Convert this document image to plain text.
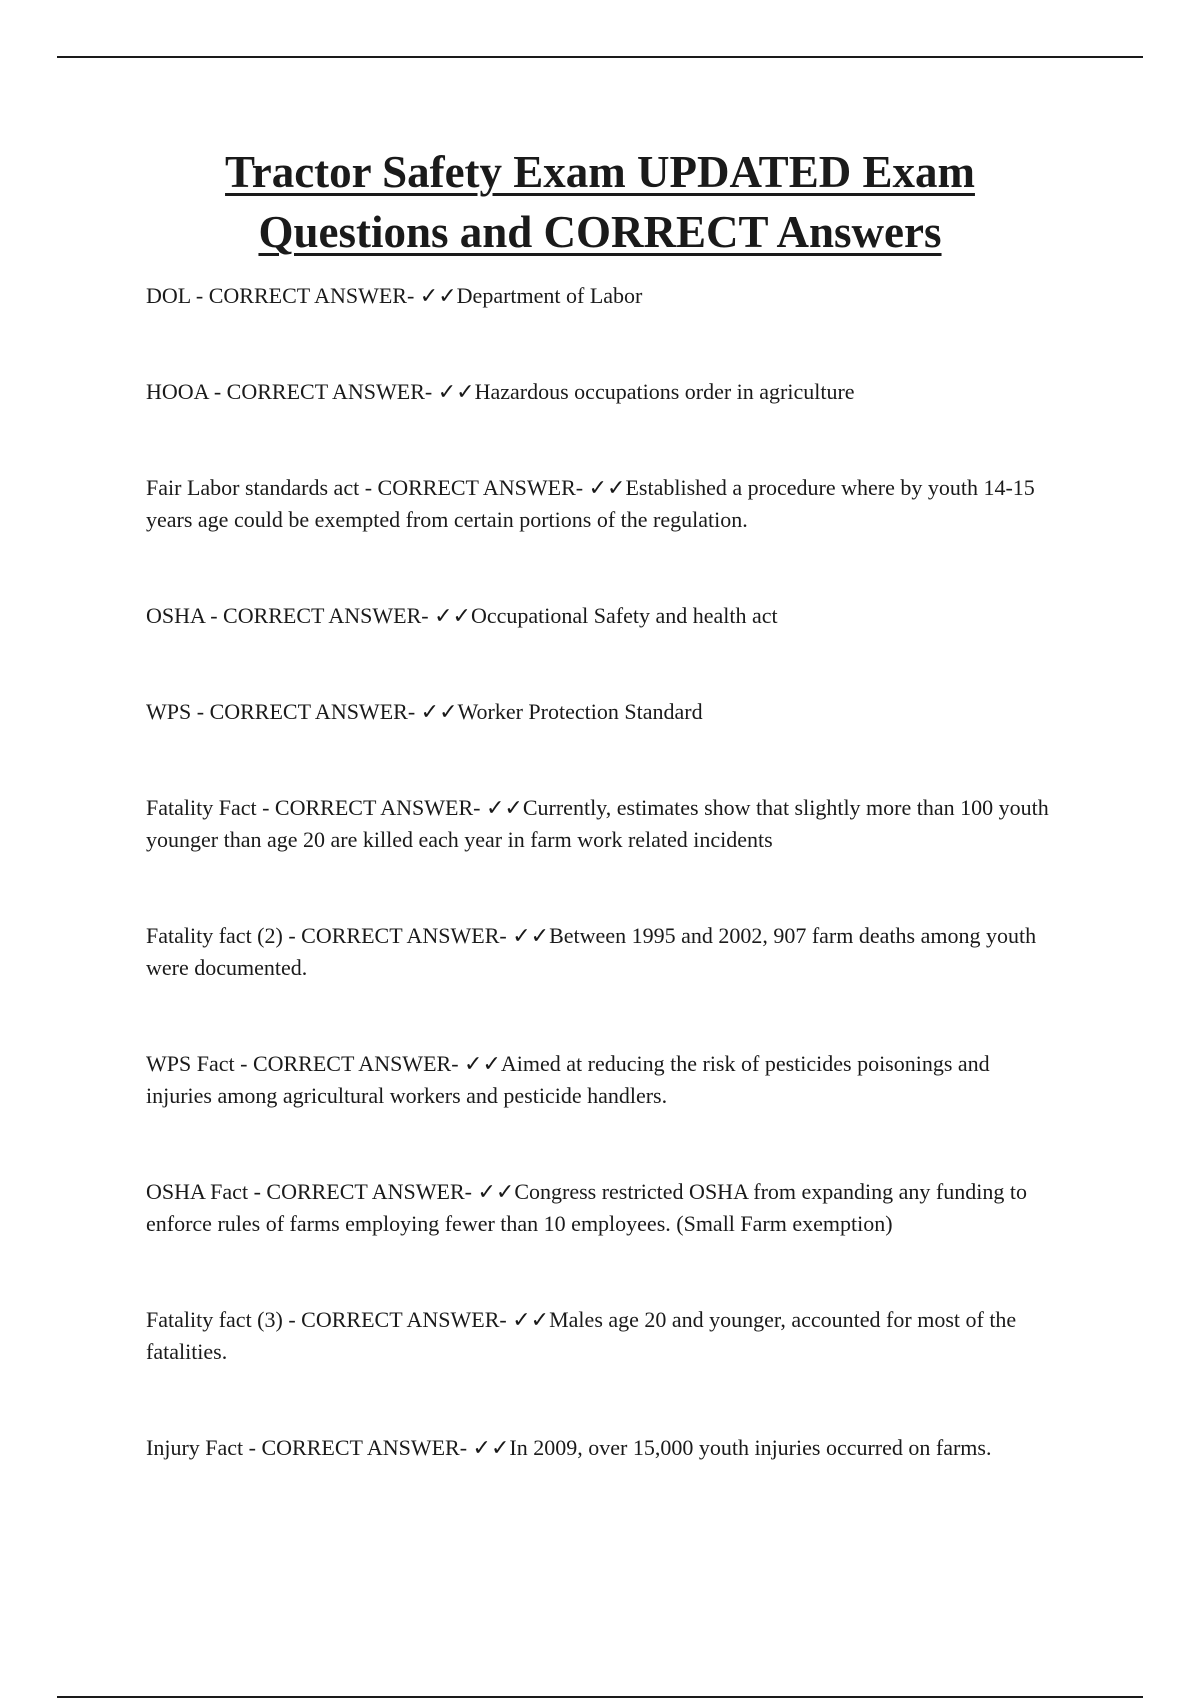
Tractor Safety Exam UPDATED Exam
Questions and CORRECT Answers
DOL - CORRECT ANSWER- ✓✓Department of Labor
HOOA - CORRECT ANSWER- ✓✓Hazardous occupations order in agriculture
Fair Labor standards act - CORRECT ANSWER- ✓✓Established a procedure where by youth 14-15 years age could be exempted from certain portions of the regulation.
OSHA - CORRECT ANSWER- ✓✓Occupational Safety and health act
WPS - CORRECT ANSWER- ✓✓Worker Protection Standard
Fatality Fact - CORRECT ANSWER- ✓✓Currently, estimates show that slightly more than 100 youth younger than age 20 are killed each year in farm work related incidents
Fatality fact (2) - CORRECT ANSWER- ✓✓Between 1995 and 2002, 907 farm deaths among youth were documented.
WPS Fact - CORRECT ANSWER- ✓✓Aimed at reducing the risk of pesticides poisonings and injuries among agricultural workers and pesticide handlers.
OSHA Fact - CORRECT ANSWER- ✓✓Congress restricted OSHA from expanding any funding to enforce rules of farms employing fewer than 10 employees. (Small Farm exemption)
Fatality fact (3) - CORRECT ANSWER- ✓✓Males age 20 and younger, accounted for most of the fatalities.
Injury Fact - CORRECT ANSWER- ✓✓In 2009, over 15,000 youth injuries occurred on farms.
